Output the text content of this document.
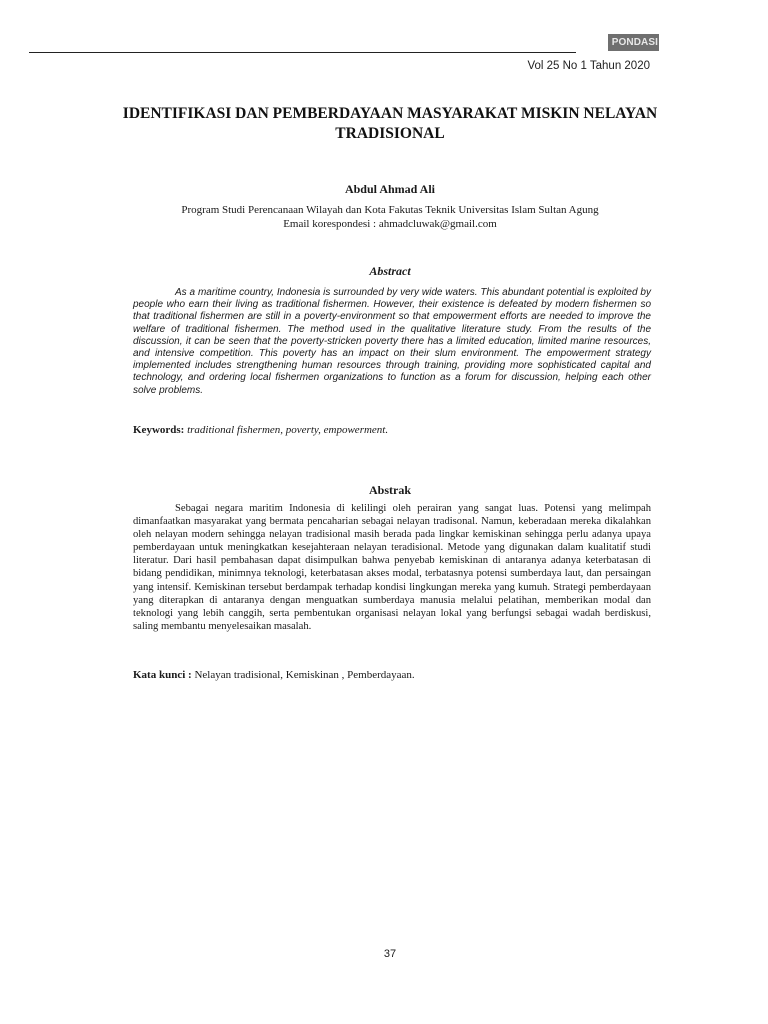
PONDASI
Vol 25 No 1 Tahun 2020
IDENTIFIKASI DAN PEMBERDAYAAN MASYARAKAT MISKIN NELAYAN TRADISIONAL
Abdul Ahmad Ali
Program Studi Perencanaan Wilayah dan Kota Fakutas Teknik Universitas Islam Sultan Agung
Email korespondesi : ahmadcluwak@gmail.com
Abstract

As a maritime country, Indonesia is surrounded by very wide waters. This abundant potential is exploited by people who earn their living as traditional fishermen. However, their existence is defeated by modern fishermen so that traditional fishermen are still in a poverty-environment so that empowerment efforts are needed to improve the welfare of traditional fishermen. The method used in the qualitative literature study. From the results of the discussion, it can be seen that the poverty-stricken poverty there has a limited education, limited marine resources, and intensive competition. This poverty has an impact on their slum environment. The empowerment strategy implemented includes strengthening human resources through training, providing more sophisticated capital and technology, and ordering local fishermen organizations to function as a forum for discussion, helping each other solve problems.

Keywords: traditional fishermen, poverty, empowerment.
Abstrak

Sebagai negara maritim Indonesia di kelilingi oleh perairan yang sangat luas. Potensi yang melimpah dimanfaatkan masyarakat yang bermata pencaharian sebagai nelayan tradisonal. Namun, keberadaan mereka dikalahkan oleh nelayan modern sehingga nelayan tradisional masih berada pada lingkar kemiskinan sehingga perlu adanya upaya pemberdayaan untuk meningkatkan kesejahteraan nelayan teradisional. Metode yang digunakan dalam kualitatif studi literatur. Dari hasil pembahasan dapat disimpulkan bahwa penyebab kemiskinan di antaranya adanya keterbatasan di bidang pendidikan, minimnya teknologi, keterbatasan akses modal, terbatasnya potensi sumberdaya laut, dan persaingan yang intensif. Kemiskinan tersebut berdampak terhadap kondisi lingkungan mereka yang kumuh. Strategi pemberdayaan yang diterapkan di antaranya dengan menguatkan sumberdaya manusia melalui pelatihan, memberikan modal dan teknologi yang lebih canggih, serta pembentukan organisasi nelayan lokal yang berfungsi sebagai wadah berdiskusi, saling membantu menyelesaikan masalah.

Kata kunci : Nelayan tradisional, Kemiskinan , Pemberdayaan.
37
